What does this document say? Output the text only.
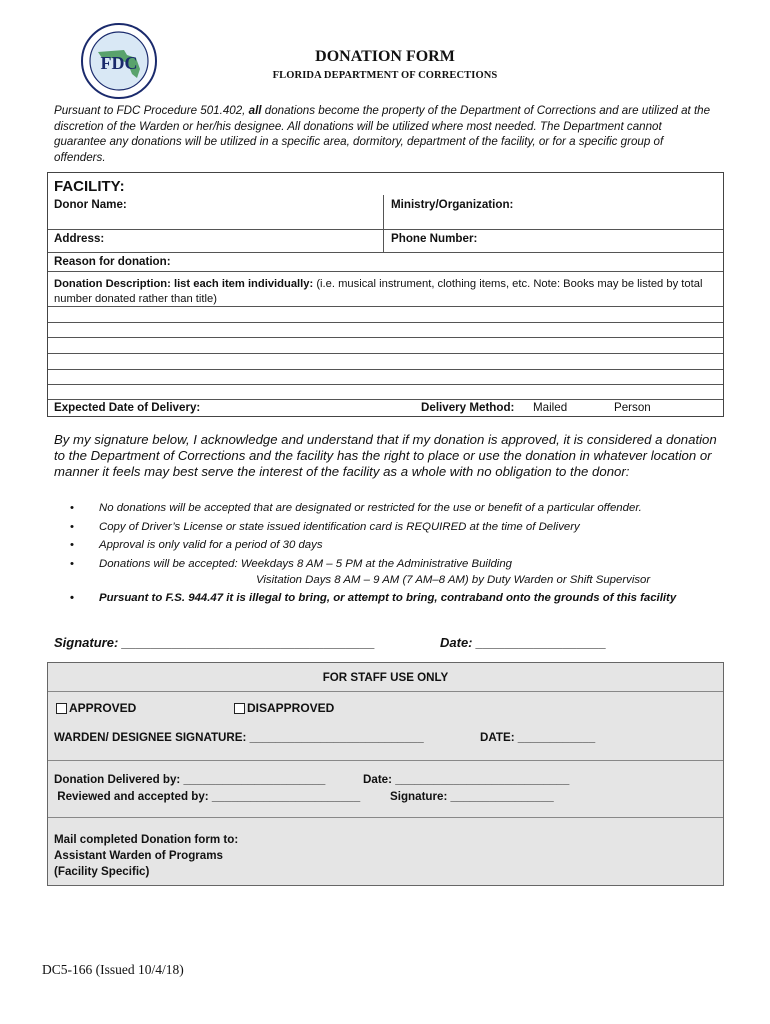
FDC	DONATION FORM
FLORIDA DEPARTMENT OF CORRECTIONS
Pursuant to FDC Procedure 501.402, all donations become the property of the Department of Corrections and are utilized at the discretion of the Warden or her/his designee. All donations will be utilized where most needed. The Department cannot guarantee any donations will be utilized in a specific area, dormitory, department of the facility, or for a specific group of offenders.
FACILITY:
Donor Name:	Ministry/Organization:
Address:	Phone Number:
Reason for donation:
Donation Description: list each item individually: (i.e. musical instrument, clothing items, etc. Note: Books may be listed by total number donated rather than title)
Expected Date of Delivery:	Delivery Method: Mailed	Person
By my signature below, I acknowledge and understand that if my donation is approved, it is considered a donation to the Department of Corrections and the facility has the right to place or use the donation in whatever location or manner it feels may best serve the interest of the facility as a whole with no obligation to the donor:
• No donations will be accepted that are designated or restricted for the use or benefit of a particular offender.
• Copy of Driver’s License or state issued identification card is REQUIRED at the time of Delivery
• Approval is only valid for a period of 30 days
• Donations will be accepted: Weekdays 8 AM – 5 PM at the Administrative Building
Visitation Days 8 AM – 9 AM (7 AM–8 AM) by Duty Warden or Shift Supervisor
• Pursuant to F.S. 944.47 it is illegal to bring, or attempt to bring, contraband onto the grounds of this facility
Signature: ___________________________________	Date: __________________
FOR STAFF USE ONLY
APPROVED	DISAPPROVED
WARDEN/ DESIGNEE SIGNATURE: ___________________________	DATE: ____________
Donation Delivered by: ______________________	Date: ___________________________
Reviewed and accepted by: _______________________	Signature: ________________
Mail completed Donation form to:
Assistant Warden of Programs
(Facility Specific)
DC5-166 (Issued 10/4/18)
